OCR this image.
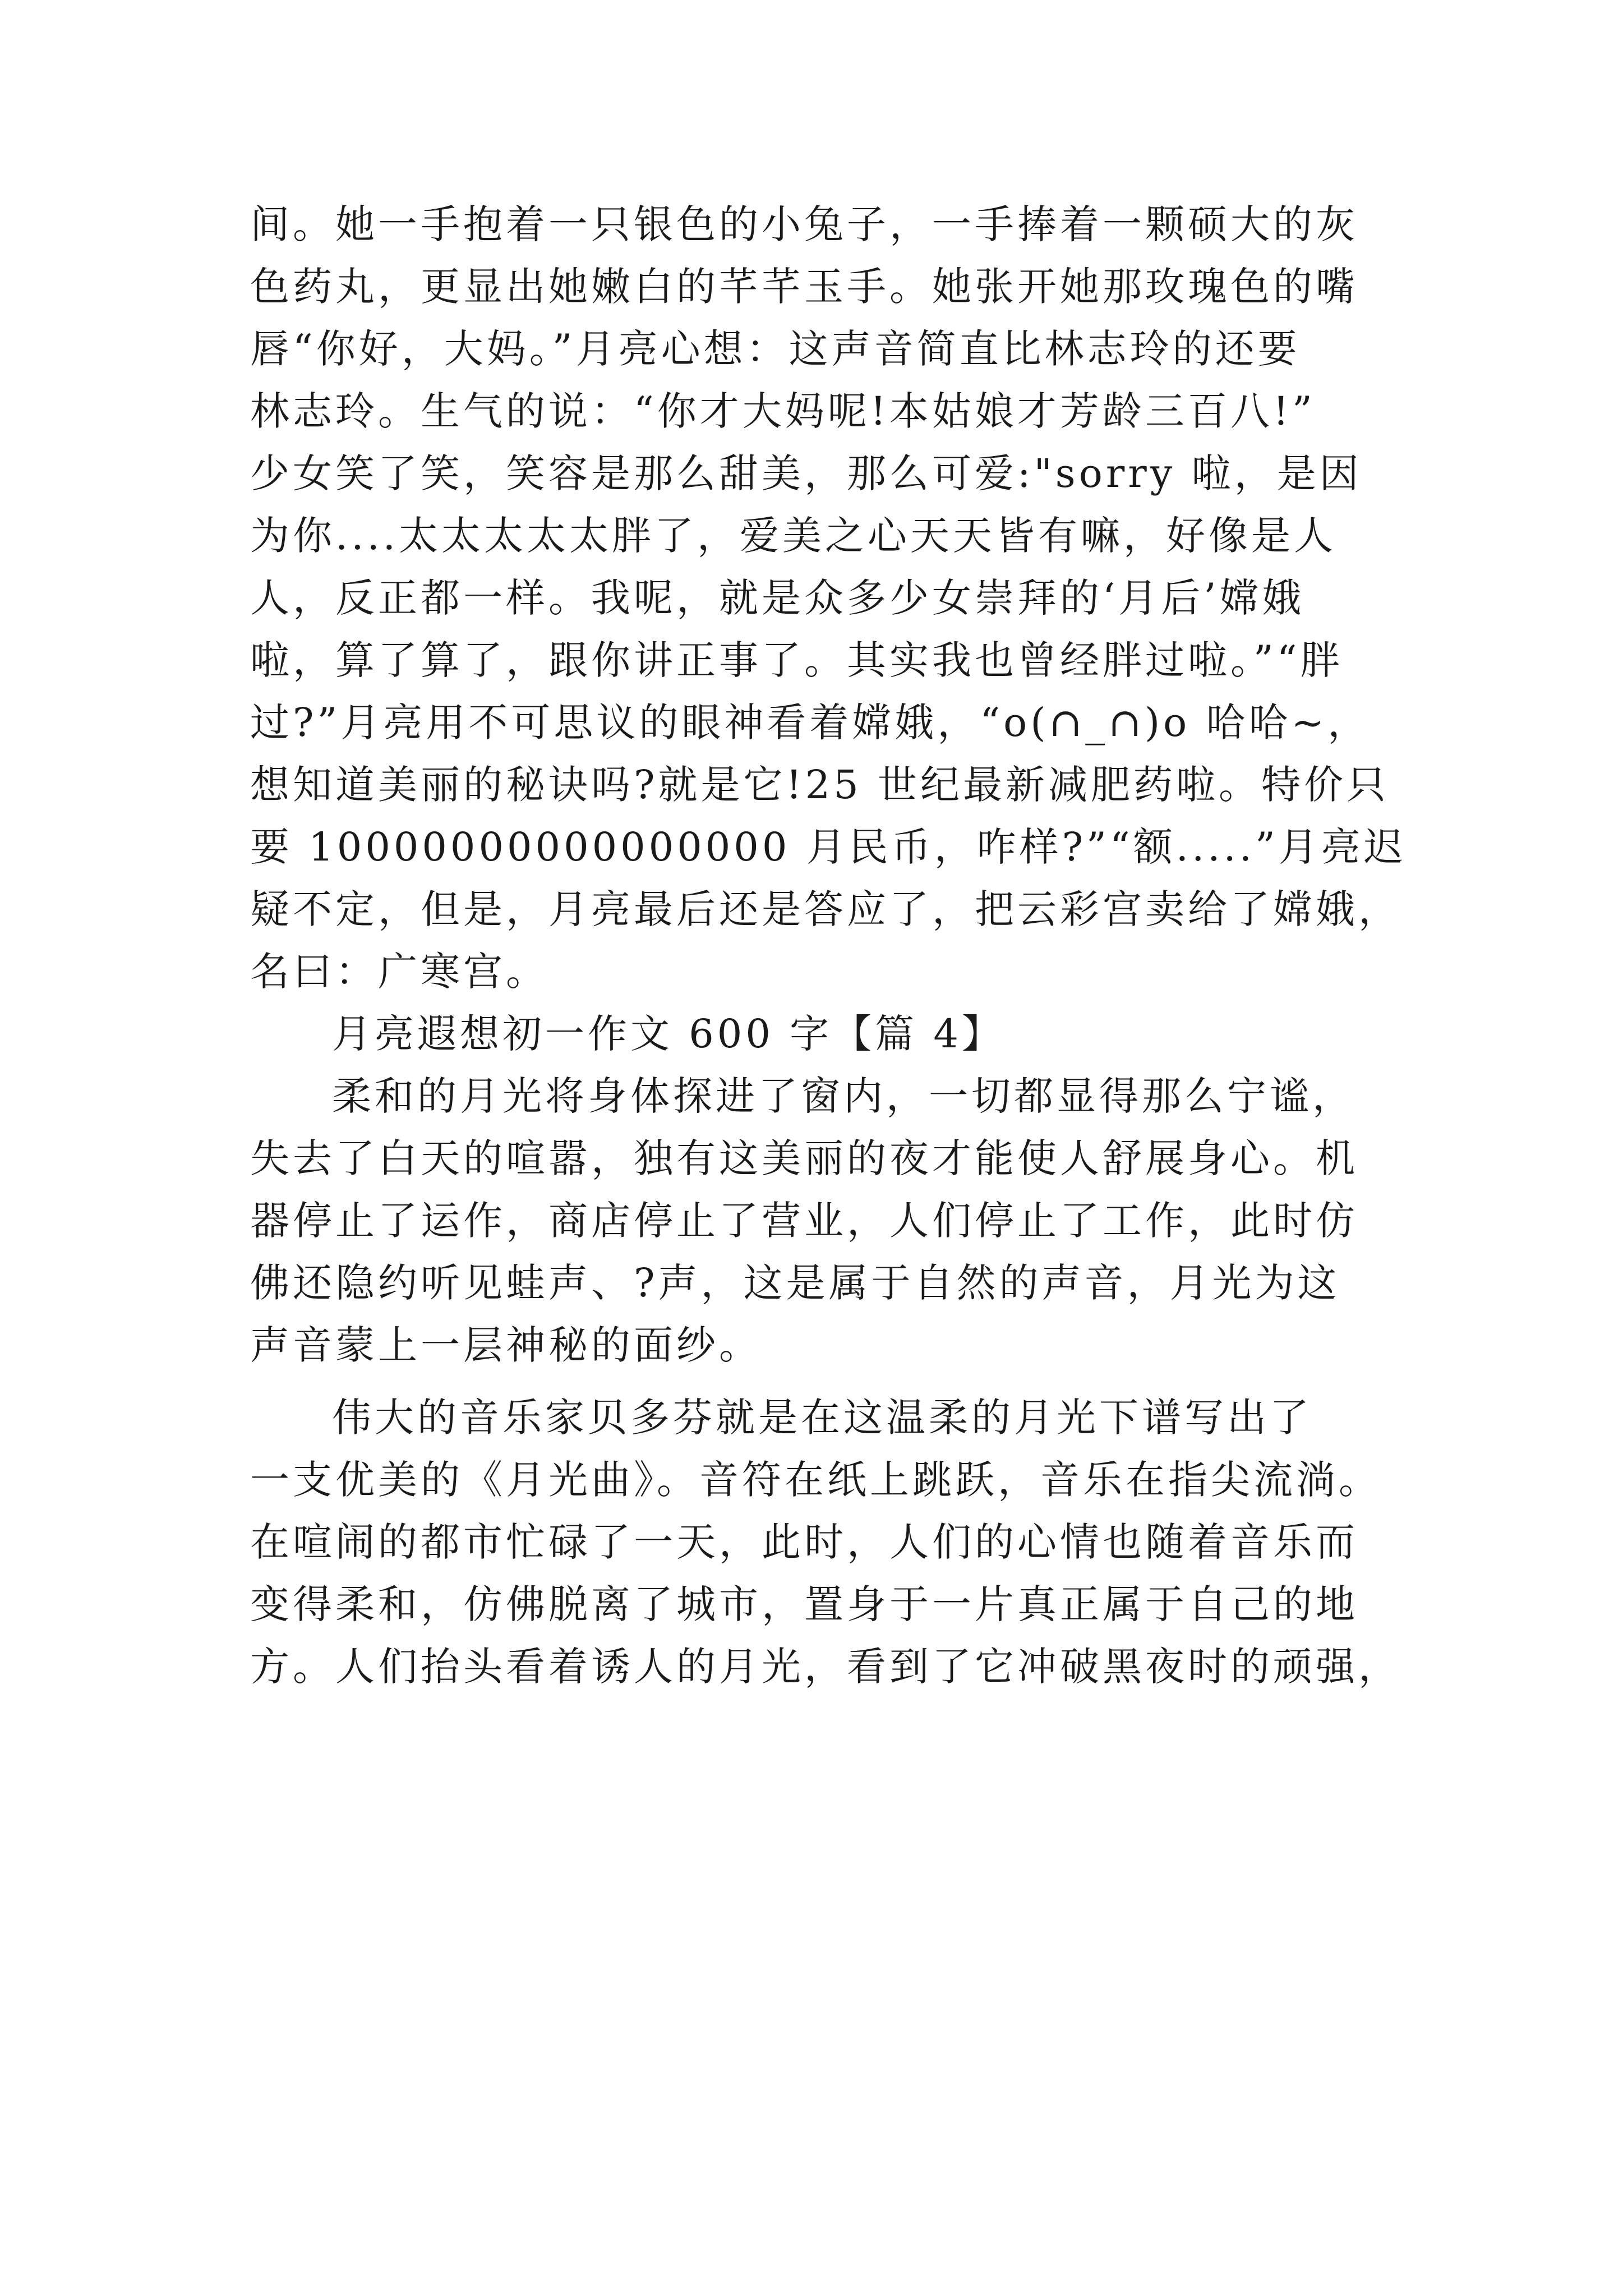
间。她一手抱着一只银色的小兔子，一手捧着一颗硕大的灰
色药丸，更显出她嫩白的芊芊玉手。她张开她那玫瑰色的嘴
唇“你好，大妈。”月亮心想：这声音简直比林志玲的还要
林志玲。生气的说：“你才大妈呢!本姑娘才芳龄三百八!”
少女笑了笑，笑容是那么甜美，那么可爱:"sorry 啦，是因
为你....太太太太太胖了，爱美之心天天皆有嘛，好像是人
人，反正都一样。我呢，就是众多少女崇拜的‘月后’嫦娥
啦，算了算了，跟你讲正事了。其实我也曾经胖过啦。”“胖
过?”月亮用不可思议的眼神看着嫦娥，“o(∩_∩)o 哈哈~，
想知道美丽的秘诀吗?就是它!25 世纪最新减肥药啦。特价只
要 10000000000000000 月民币，咋样?”“额.....”月亮迟
疑不定，但是，月亮最后还是答应了，把云彩宫卖给了嫦娥，
名曰：广寒宫。
月亮遐想初一作文 600 字【篇 4】
柔和的月光将身体探进了窗内，一切都显得那么宁谧，
失去了白天的喧嚣，独有这美丽的夜才能使人舒展身心。机
器停止了运作，商店停止了营业，人们停止了工作，此时仿
佛还隐约听见蛙声、?声，这是属于自然的声音，月光为这
声音蒙上一层神秘的面纱。
伟大的音乐家贝多芬就是在这温柔的月光下谱写出了
一支优美的《月光曲》。音符在纸上跳跃，音乐在指尖流淌。
在喧闹的都市忙碌了一天，此时，人们的心情也随着音乐而
变得柔和，仿佛脱离了城市，置身于一片真正属于自己的地
方。人们抬头看着诱人的月光，看到了它冲破黑夜时的顽强，
